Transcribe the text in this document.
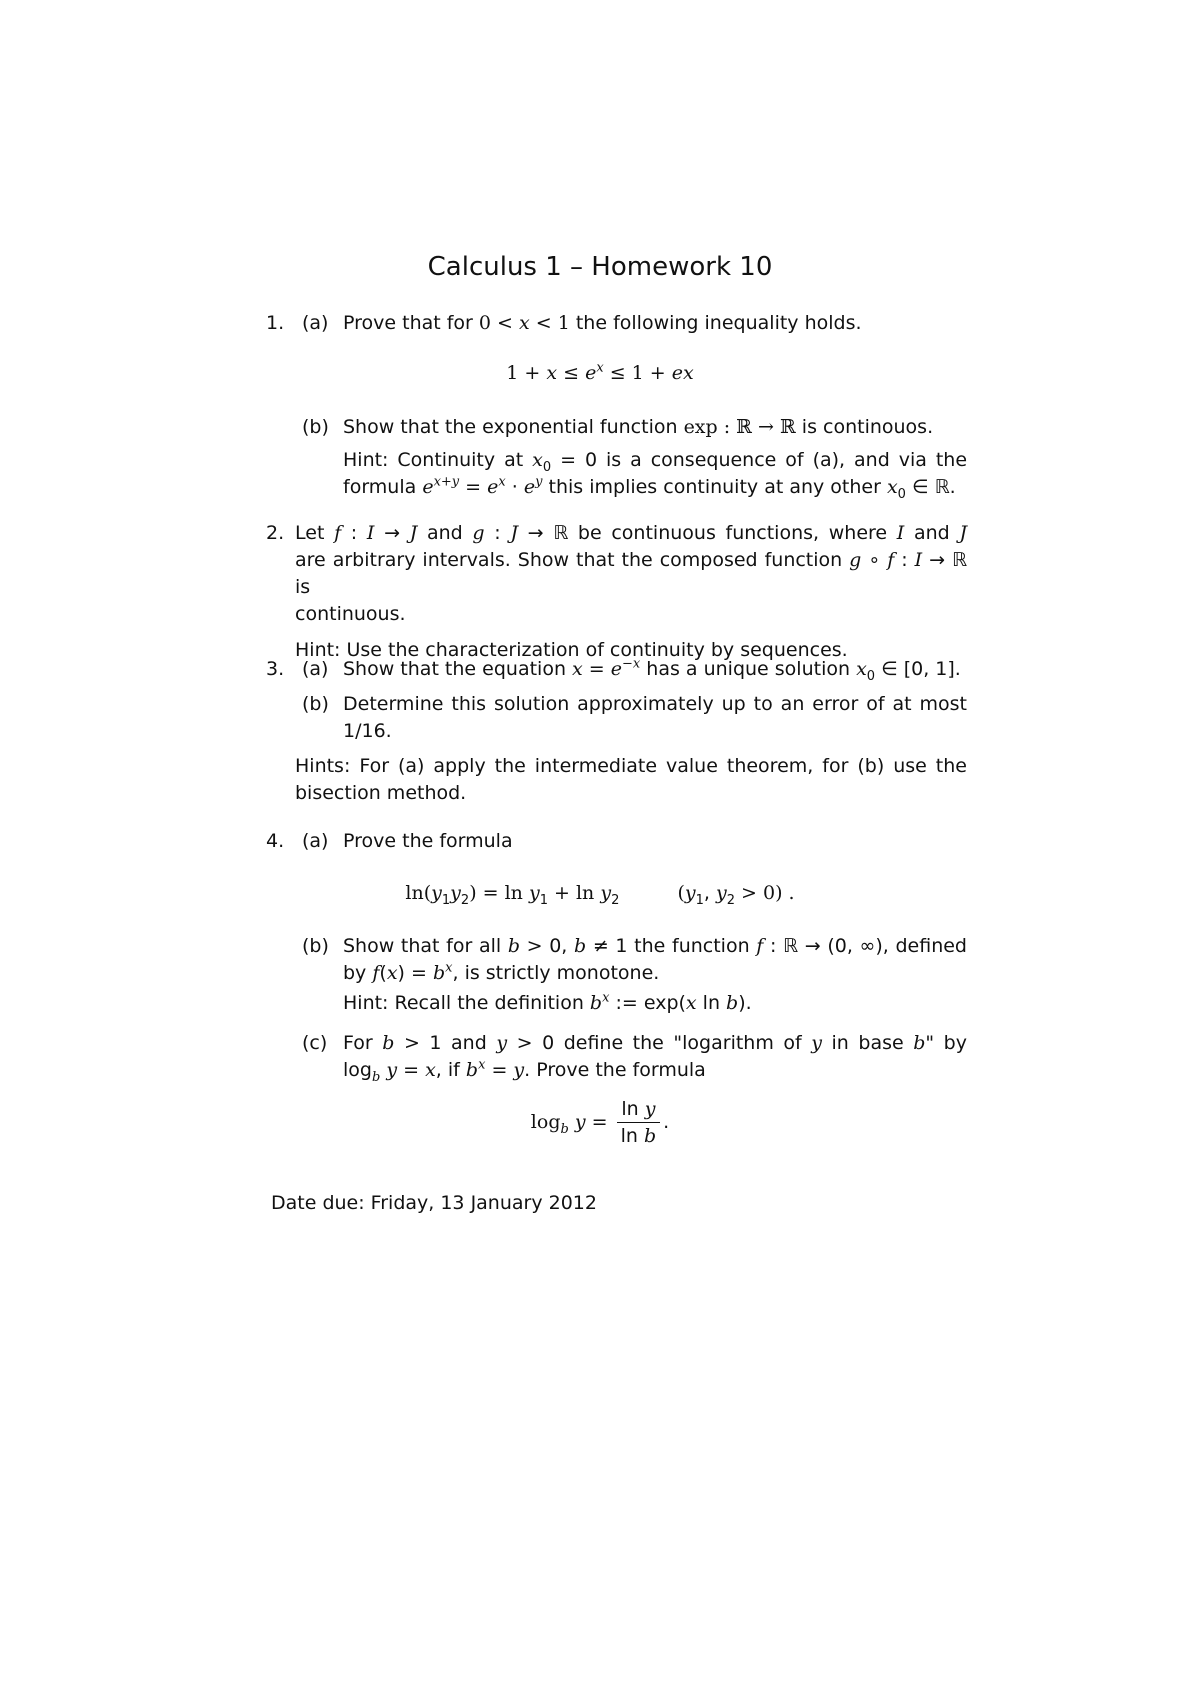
Calculus 1 – Homework 10
1. (a) Prove that for 0 < x < 1 the following inequality holds.
$1 + x \le e^x \le 1$ + ex
(b) Show that the exponential function exp : ℝ → ℝ is continouos.
Hint: Continuity at $x_0 = 0$ is a consequence of (a), and via the
formula $e^{x+y} = e^x \cdot e^y$ this implies continuity at any other $x_0$ ∈ ℝ.
2. Let f : I → J and g : J → ℝ be continuous functions, where I and J
are arbitrary intervals. Show that the composed function g ∘ f : I → ℝ is
continuous.
Hint: Use the characterization of continuity by sequences.
3. (a) Show that the equation $x = e^{-x}$ has a unique solution $x_0$ ∈ [0, 1].
(b) Determine this solution approximately up to an error of at most
1/16.
Hints: For (a) apply the intermediate value theorem, for (b) use the
bisection method.
4. (a) Prove the formula
$\ln(y_1y_2) = \ln y_1 + \ln y_2$	($y_1$, $y_2 > 0$) .
(b) Show that for all b > 0, b ≠ 1 the function f : ℝ → (0, ∞), defined
by $f(x) = b^x$, is strictly monotone.
Hint: Recall the definition $b^x$ := exp(x ln b).
(c) For b > 1 and y > 0 define the "logarithm of y in base b" by
$\log_b y = x$, if $b^x = y$. Prove the formula
$\log_b y = \frac{\text{ln y}}{\text{ln b}}$ .
Date due: Friday, 13 January 2012
